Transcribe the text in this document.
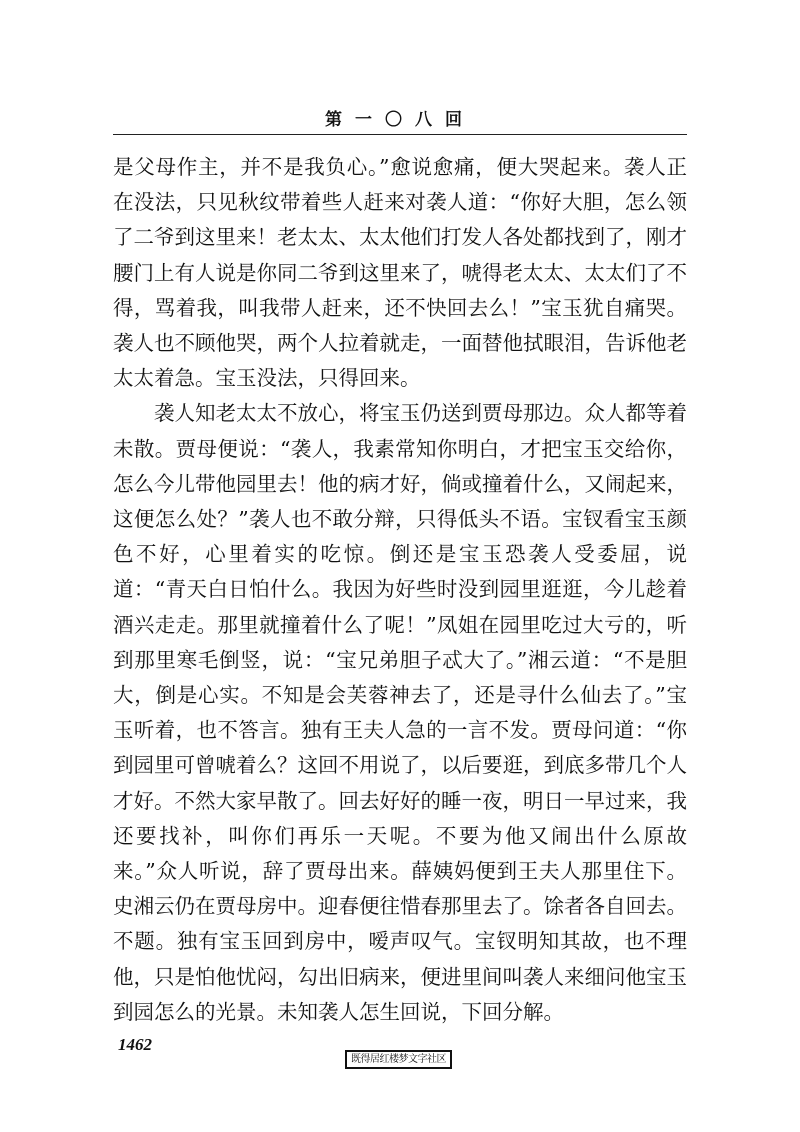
第一〇八回

是父母作主，并不是我负心。”愈说愈痛，便大哭起来。袭人正在没法，只见秋纹带着些人赶来对袭人道：“你好大胆，怎么领了二爷到这里来！老太太、太太他们打发人各处都找到了，刚才腰门上有人说是你同二爷到这里来了，唬得老太太、太太们了不得，骂着我，叫我带人赶来，还不快回去么！”宝玉犹自痛哭。袭人也不顾他哭，两个人拉着就走，一面替他拭眼泪，告诉他老太太着急。宝玉没法，只得回来。

袭人知老太太不放心，将宝玉仍送到贾母那边。众人都等着未散。贾母便说：“袭人，我素常知你明白，才把宝玉交给你，怎么今儿带他园里去！他的病才好，倘或撞着什么，又闹起来，这便怎么处？”袭人也不敢分辩，只得低头不语。宝钗看宝玉颜色不好，心里着实的吃惊。倒还是宝玉恐袭人受委屈，说道：“青天白日怕什么。我因为好些时没到园里逛逛，今儿趁着酒兴走走。那里就撞着什么了呢！”凤姐在园里吃过大亏的，听到那里寒毛倒竖，说：“宝兄弟胆子忒大了。”湘云道：“不是胆大，倒是心实。不知是会芙蓉神去了，还是寻什么仙去了。”宝玉听着，也不答言。独有王夫人急的一言不发。贾母问道：“你到园里可曾唬着么？这回不用说了，以后要逛，到底多带几个人才好。不然大家早散了。回去好好的睡一夜，明日一早过来，我还要找补，叫你们再乐一天呢。不要为他又闹出什么原故来。”众人听说，辞了贾母出来。薛姨妈便到王夫人那里住下。史湘云仍在贾母房中。迎春便往惜春那里去了。馀者各自回去。不题。独有宝玉回到房中，嗳声叹气。宝钗明知其故，也不理他，只是怕他忧闷，勾出旧病来，便进里间叫袭人来细问他宝玉到园怎么的光景。未知袭人怎生回说，下回分解。

1462
既得居红楼梦文字社区
